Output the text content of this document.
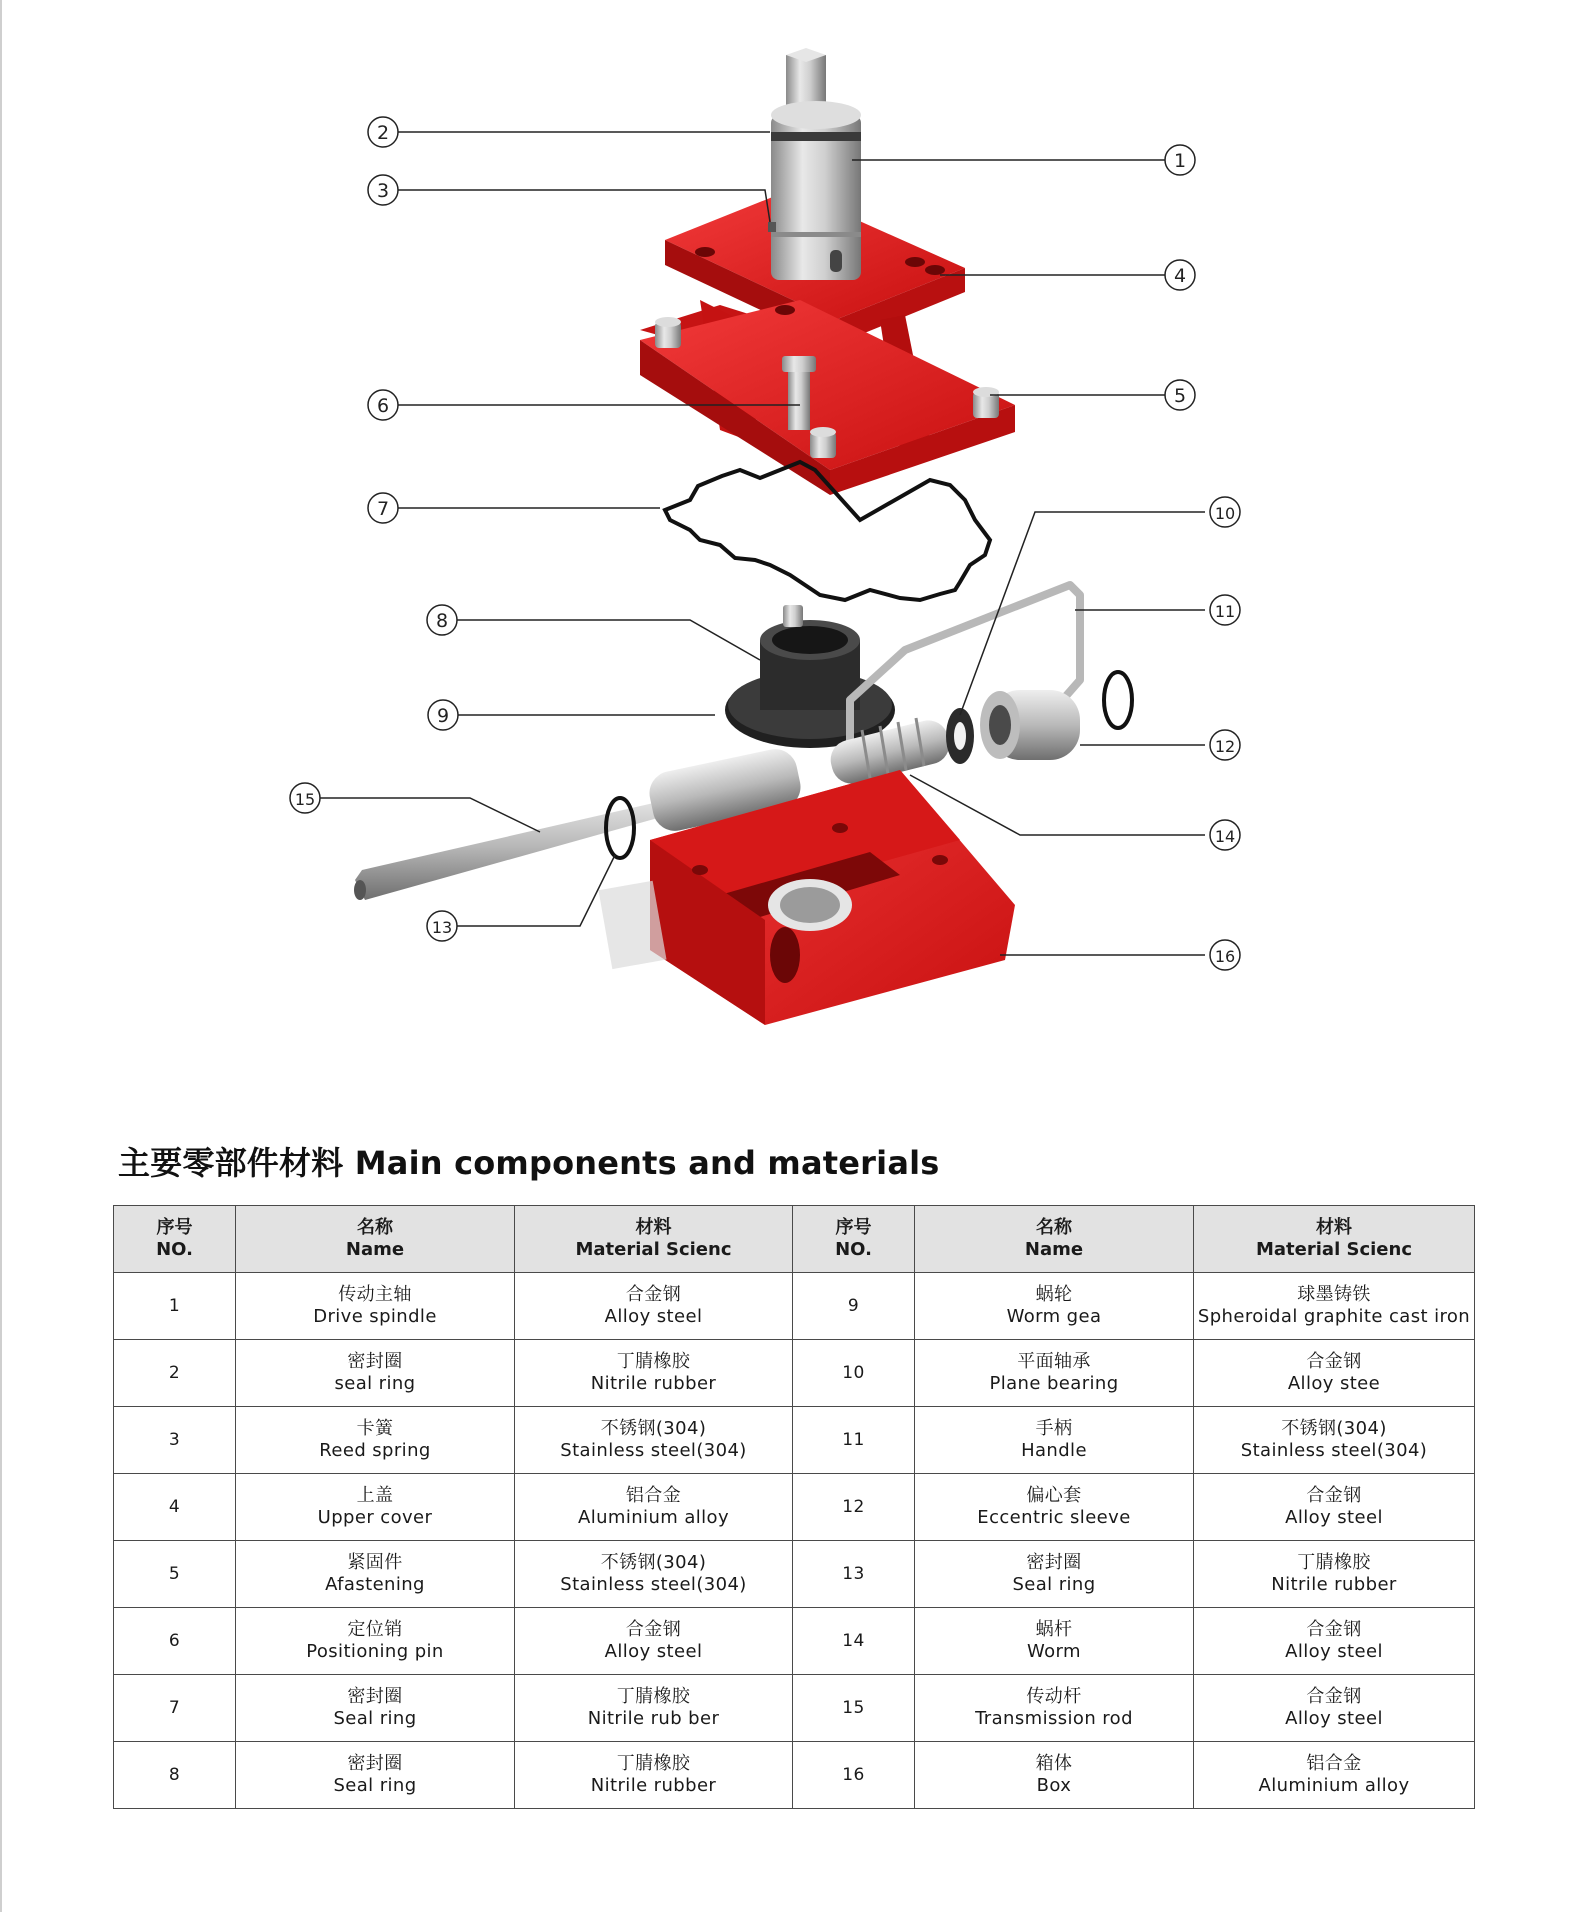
1
2
3
4
5
6
7
8
9
10
11
12
13
14
15
16
主要零部件材料 Main components and materials
序号
NO.	名称
Name	材料
Material Scienc	序号
NO.	名称
Name	材料
Material Scienc

1	传动主轴
Drive spindle	合金钢
Alloy steel	9	蜗轮
Worm gea	球墨铸铁
Spheroidal graphite cast iron

2	密封圈
seal ring	丁腈橡胶
Nitrile rubber	10	平面轴承
Plane bearing	合金钢
Alloy stee

3	卡簧
Reed spring	不锈钢(304)
Stainless steel(304)	11	手柄
Handle	不锈钢(304)
Stainless steel(304)

4	上盖
Upper cover	铝合金
Aluminium alloy	12	偏心套
Eccentric sleeve	合金钢
Alloy steel

5	紧固件
Afastening	不锈钢(304)
Stainless steel(304)	13	密封圈
Seal ring	丁腈橡胶
Nitrile rubber

6	定位销
Positioning pin	合金钢
Alloy steel	14	蜗杆
Worm	合金钢
Alloy steel

7	密封圈
Seal ring	丁腈橡胶
Nitrile rub ber	15	传动杆
Transmission rod	合金钢
Alloy steel

8	密封圈
Seal ring	丁腈橡胶
Nitrile rubber	16	箱体
Box	铝合金
Aluminium alloy
